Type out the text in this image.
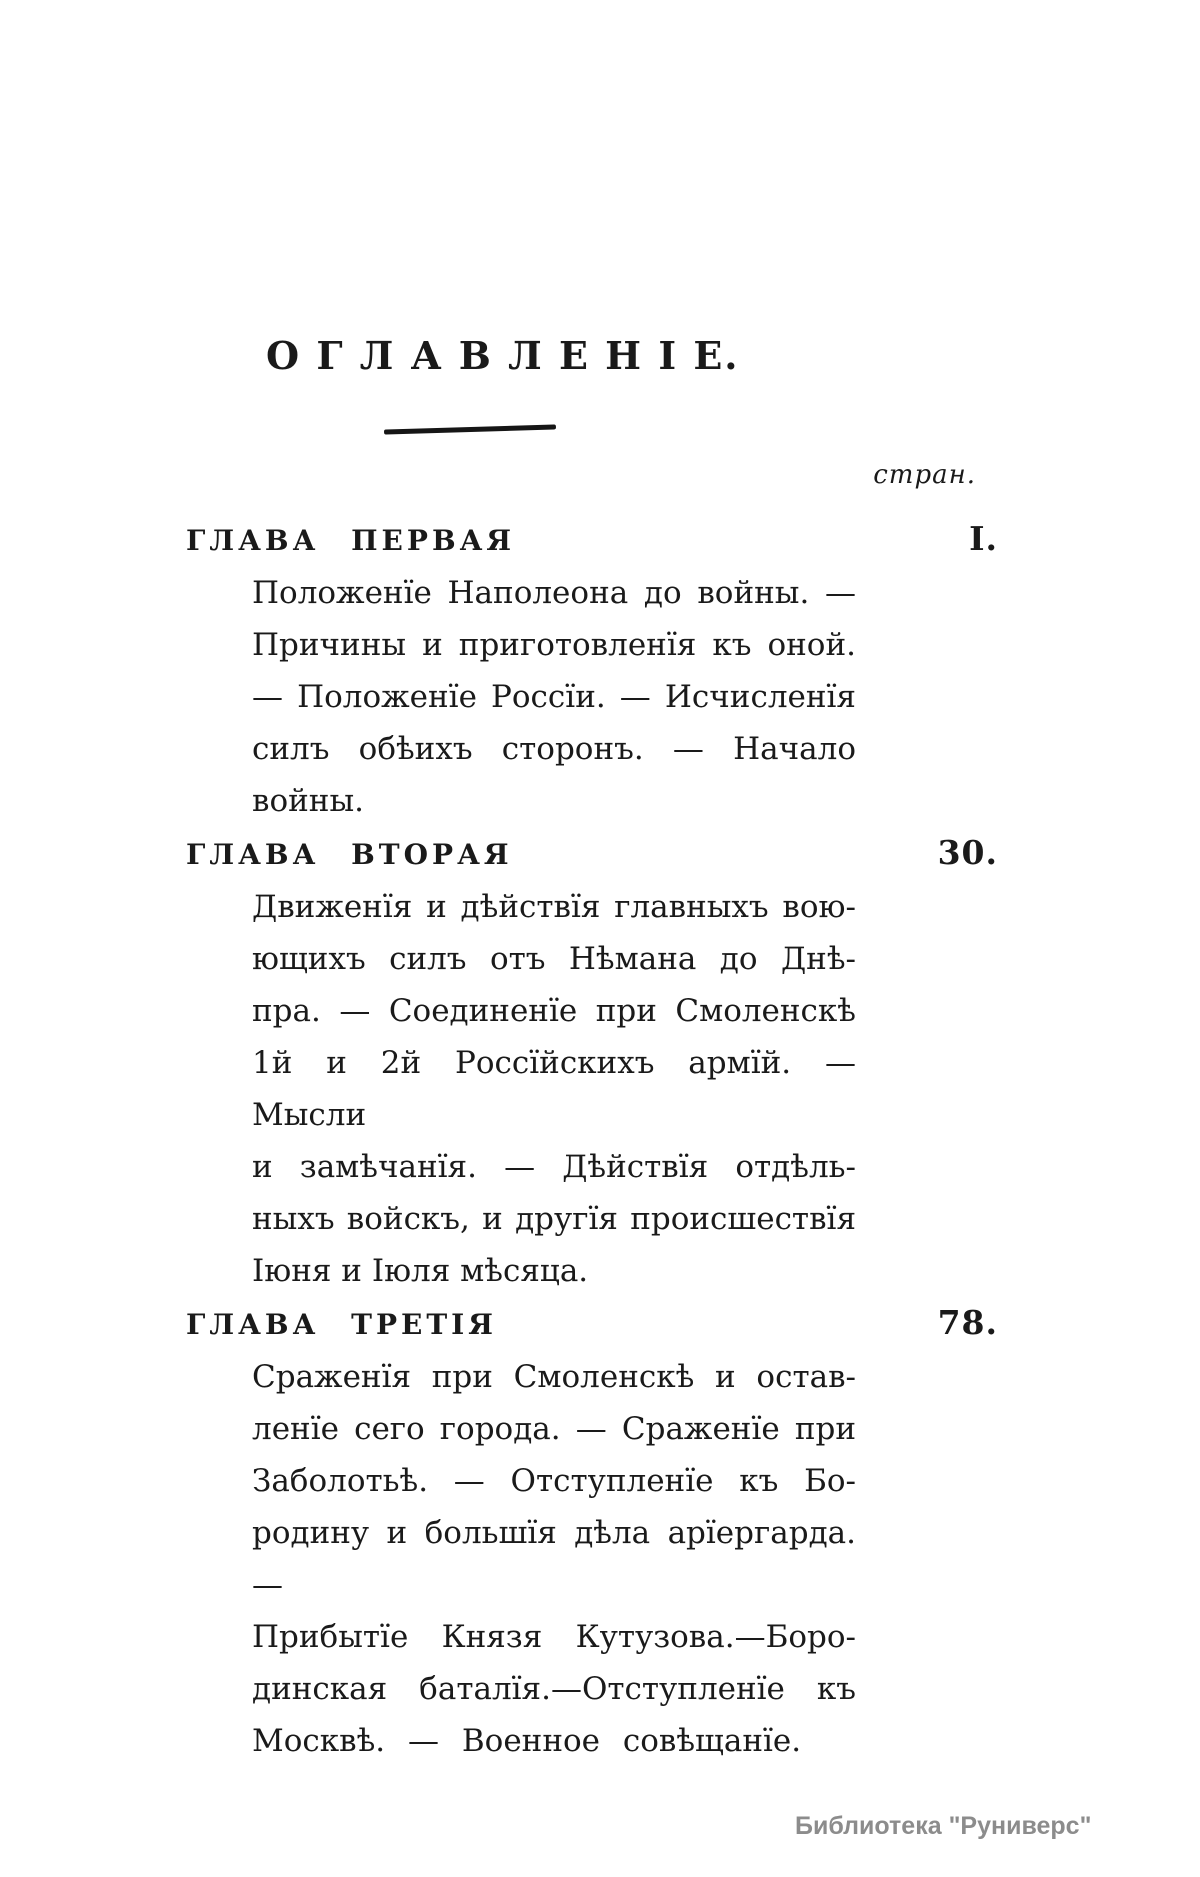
О Г Л А В Л Е Н І Е.
стран.
ГЛАВА ПЕРВАЯ	I.
Положенїе Наполеона до войны. —
Причины и приготовленїя къ оной.
— Положенїе Россїи. — Исчисленїя
силъ обѣихъ сторонъ. — Начало
войны.
ГЛАВА ВТОРАЯ	30.
Движенїя и дѣйствїя главныхъ вою-
ющихъ силъ отъ Нѣмана до Днѣ-
пра. — Соединенїе при Смоленскѣ
1й и 2й Россїйскихъ армїй. — Мысли
и замѣчанїя. — Дѣйствїя отдѣль-
ныхъ войскъ, и другїя происшествїя
Іюня и Іюля мѣсяца.
ГЛАВА ТРЕТІЯ	78.
Сраженїя при Смоленскѣ и остав-
ленїе сего города. — Сраженїе при
Заболотьѣ. — Отступленїе къ Бо-
родину и большїя дѣла арїергарда. —
Прибытїе Князя Кутузова.—Боро-
динская баталїя.—Отступленїе къ
Москвѣ. — Военное совѣщанїе.
Библиотека "Руниверс"
